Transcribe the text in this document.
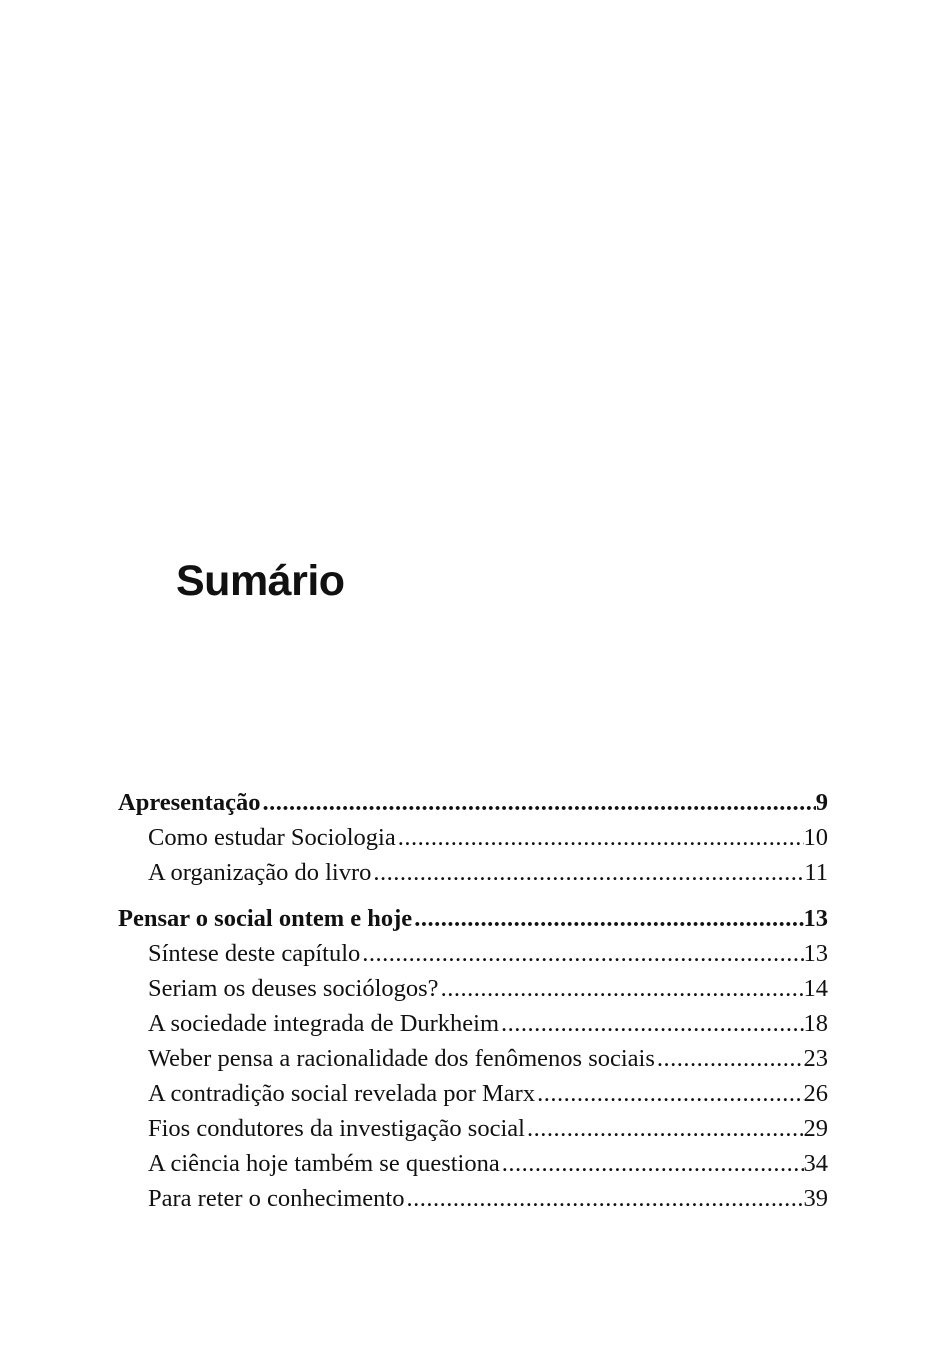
Sumário
Apresentação .....	9
Como estudar Sociologia .....	10
A organização do livro .....	11
Pensar o social ontem e hoje .....	13
Síntese deste capítulo .....	13
Seriam os deuses sociólogos? .....	14
A sociedade integrada de Durkheim .....	18
Weber pensa a racionalidade dos fenômenos sociais .....	23
A contradição social revelada por Marx .....	26
Fios condutores da investigação social .....	29
A ciência hoje também se questiona .....	34
Para reter o conhecimento .....	39
